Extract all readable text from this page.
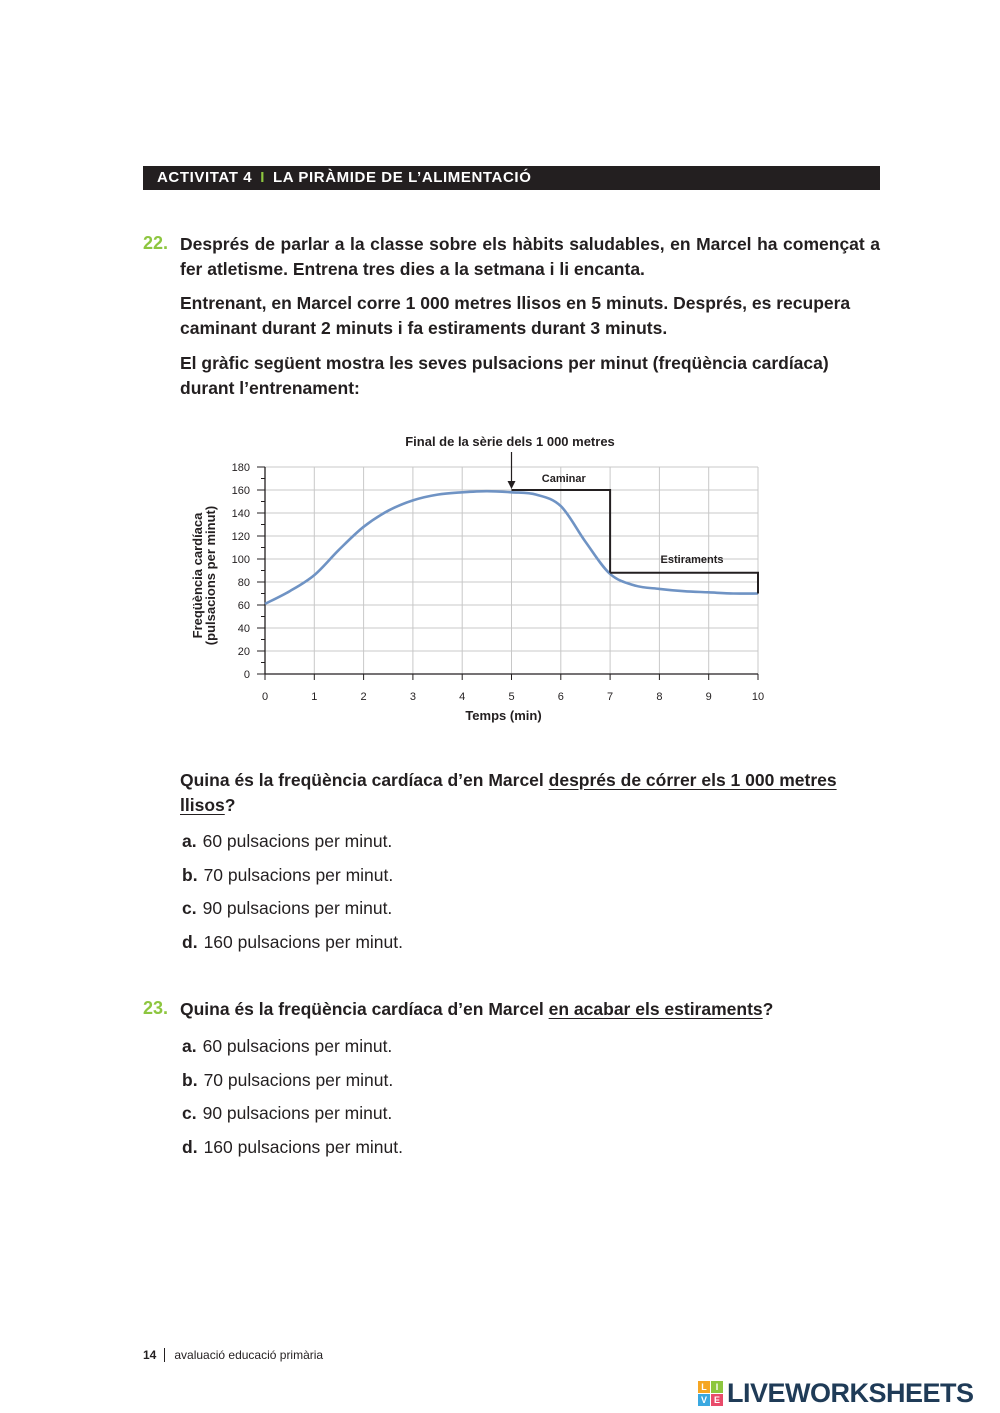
ACTIVITAT 4 I LA PIRÀMIDE DE L’ALIMENTACIÓ
22. Després de parlar a la classe sobre els hàbits saludables, en Marcel ha començat a fer atletisme. Entrena tres dies a la setmana i li encanta.

Entrenant, en Marcel corre 1 000 metres llisos en 5 minuts. Després, es recupera caminant durant 2 minuts i fa estiraments durant 3 minuts.

El gràfic següent mostra les seves pulsacions per minut (freqüència cardíaca) durant l’entrenament:

0
20
40
60
80
100
120
140
160
180
0	1	2	3	4	5	6	7	8	9	10
Final de la sèrie dels 1 000 metres
Caminar
Estiraments
Temps (min)
Freqüència cardíaca
(pulsacions per minut)

Quina és la freqüència cardíaca d’en Marcel després de córrer els 1 000 metres llisos?

a. 60 pulsacions per minut.
b. 70 pulsacions per minut.
c. 90 pulsacions per minut.
d. 160 pulsacions per minut.
23. Quina és la freqüència cardíaca d’en Marcel en acabar els estiraments?

a. 60 pulsacions per minut.
b. 70 pulsacions per minut.
c. 90 pulsacions per minut.
d. 160 pulsacions per minut.
14 avaluació educació primària
L I
V E LIVEWORKSHEETS
